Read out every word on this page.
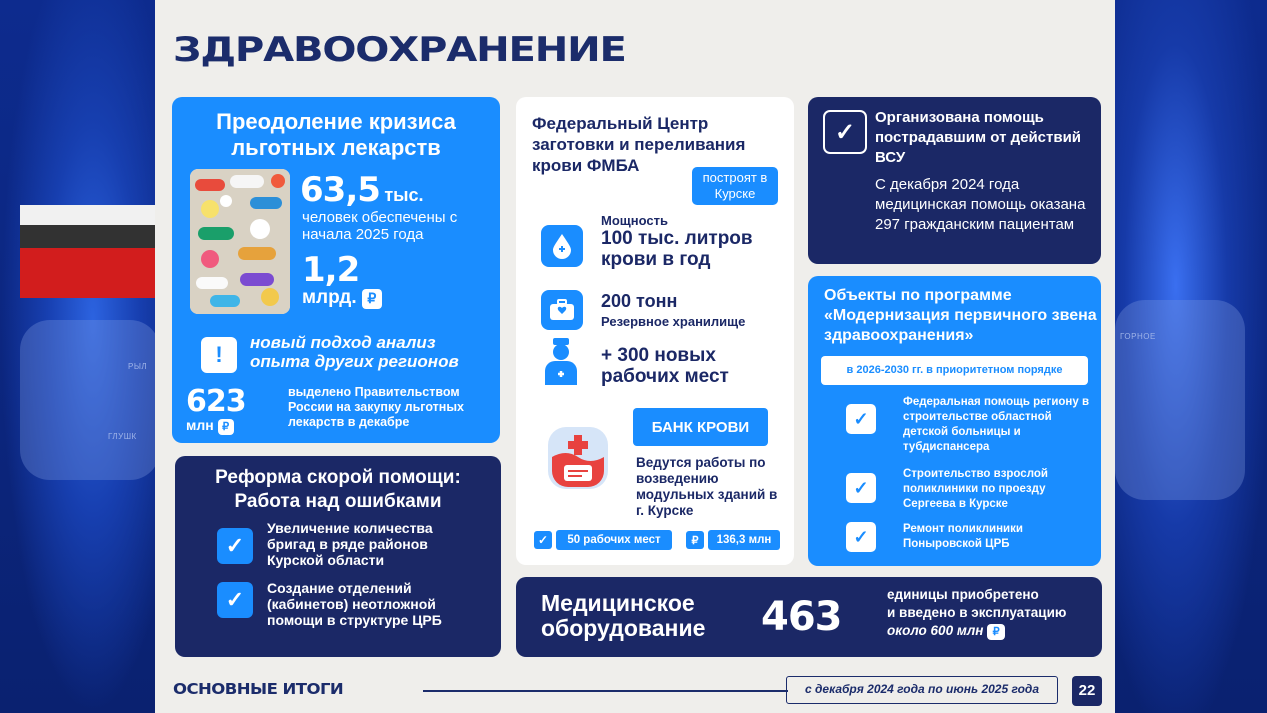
РЫЛ
ГЛУШК
ГОРНОЕ
ЗДРАВООХРАНЕНИЕ
Преодоление кризиса
льготных лекарств
63,5 тыс.
человек обеспечены с начала 2025 года
1,2
млрд. ₽
!	новый подход анализ опыта других регионов
623
млн ₽
выделено Правительством России на закупку льготных лекарств в декабре
Реформа скорой помощи:
Работа над ошибками
✓
Увеличение количества бригад в ряде районов Курской области
✓	Создание отделений (кабинетов) неотложной помощи в структуре ЦРБ
Федеральный Центр заготовки и переливания крови ФМБА
построят в Курске
Мощность
100 тыс. литров крови в год
200 тонн
Резервное хранилище
+ 300 новых рабочих мест
БАНК КРОВИ
Ведутся работы по возведению модульных зданий в г. Курске
✓	50 рабочих мест	₽	136,3 млн
✓
Организована помощь пострадавшим от действий ВСУ
С декабря 2024 года медицинская помощь оказана 297 гражданским пациентам
Объекты по программе «Модернизация первичного звена здравоохранения»
в 2026-2030 гг. в приоритетном порядке
✓
Федеральная помощь региону в строительстве областной детской больницы и тубдиспансера
✓
Строительство взрослой поликлиники по проезду Сергеева в Курске
✓	Ремонт поликлиники Поныровской ЦРБ
Медицинское
оборудование 463	единицы приобретено
и введено в эксплуатацию
около 600 млн ₽
ОСНОВНЫЕ ИТОГИ	с декабря 2024 года по июнь 2025 года	22
